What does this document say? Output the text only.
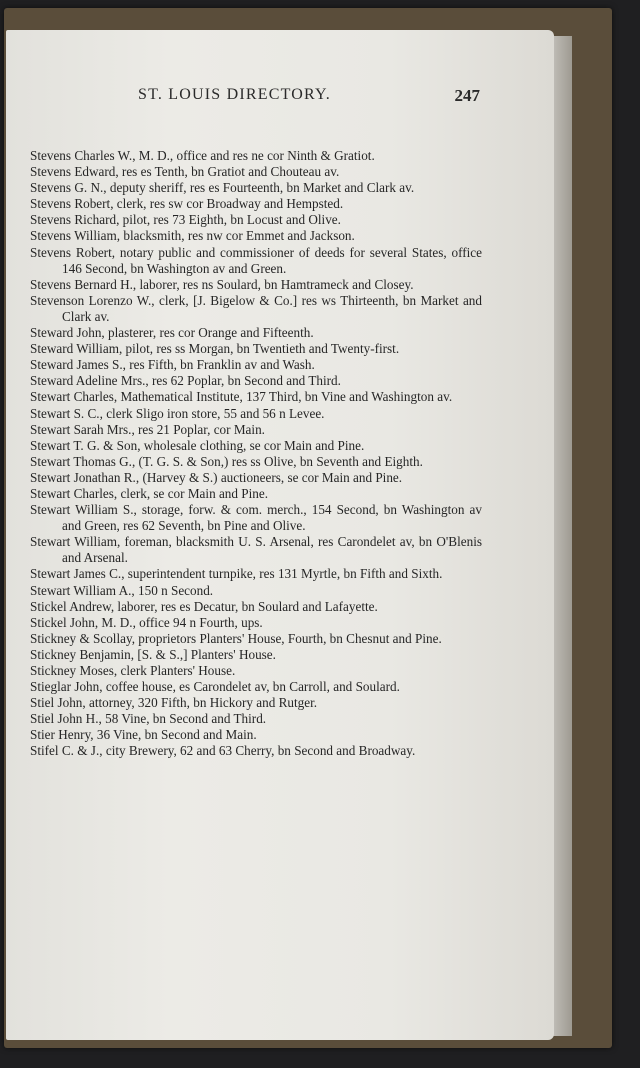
ST. LOUIS DIRECTORY.	247
Stevens Charles W., M. D., office and res ne cor Ninth & Gratiot.
Stevens Edward, res es Tenth, bn Gratiot and Chouteau av.
Stevens G. N., deputy sheriff, res es Fourteenth, bn Market and Clark av.
Stevens Robert, clerk, res sw cor Broadway and Hempsted.
Stevens Richard, pilot, res 73 Eighth, bn Locust and Olive.
Stevens William, blacksmith, res nw cor Emmet and Jackson.
Stevens Robert, notary public and commissioner of deeds for several States, office 146 Second, bn Washington av and Green.
Stevens Bernard H., laborer, res ns Soulard, bn Hamtrameck and Closey.
Stevenson Lorenzo W., clerk, [J. Bigelow & Co.] res ws Thirteenth, bn Market and Clark av.
Steward John, plasterer, res cor Orange and Fifteenth.
Steward William, pilot, res ss Morgan, bn Twentieth and Twenty-first.
Steward James S., res Fifth, bn Franklin av and Wash.
Steward Adeline Mrs., res 62 Poplar, bn Second and Third.
Stewart Charles, Mathematical Institute, 137 Third, bn Vine and Washington av.
Stewart S. C., clerk Sligo iron store, 55 and 56 n Levee.
Stewart Sarah Mrs., res 21 Poplar, cor Main.
Stewart T. G. & Son, wholesale clothing, se cor Main and Pine.
Stewart Thomas G., (T. G. S. & Son,) res ss Olive, bn Seventh and Eighth.
Stewart Jonathan R., (Harvey & S.) auctioneers, se cor Main and Pine.
Stewart Charles, clerk, se cor Main and Pine.
Stewart William S., storage, forw. & com. merch., 154 Second, bn Washington av and Green, res 62 Seventh, bn Pine and Olive.
Stewart William, foreman, blacksmith U. S. Arsenal, res Carondelet av, bn O'Blenis and Arsenal.
Stewart James C., superintendent turnpike, res 131 Myrtle, bn Fifth and Sixth.
Stewart William A., 150 n Second.
Stickel Andrew, laborer, res es Decatur, bn Soulard and Lafayette.
Stickel John, M. D., office 94 n Fourth, ups.
Stickney & Scollay, proprietors Planters' House, Fourth, bn Chesnut and Pine.
Stickney Benjamin, [S. & S.,] Planters' House.
Stickney Moses, clerk Planters' House.
Stieglar John, coffee house, es Carondelet av, bn Carroll, and Soulard.
Stiel John, attorney, 320 Fifth, bn Hickory and Rutger.
Stiel John H., 58 Vine, bn Second and Third.
Stier Henry, 36 Vine, bn Second and Main.
Stifel C. & J., city Brewery, 62 and 63 Cherry, bn Second and Broadway.
